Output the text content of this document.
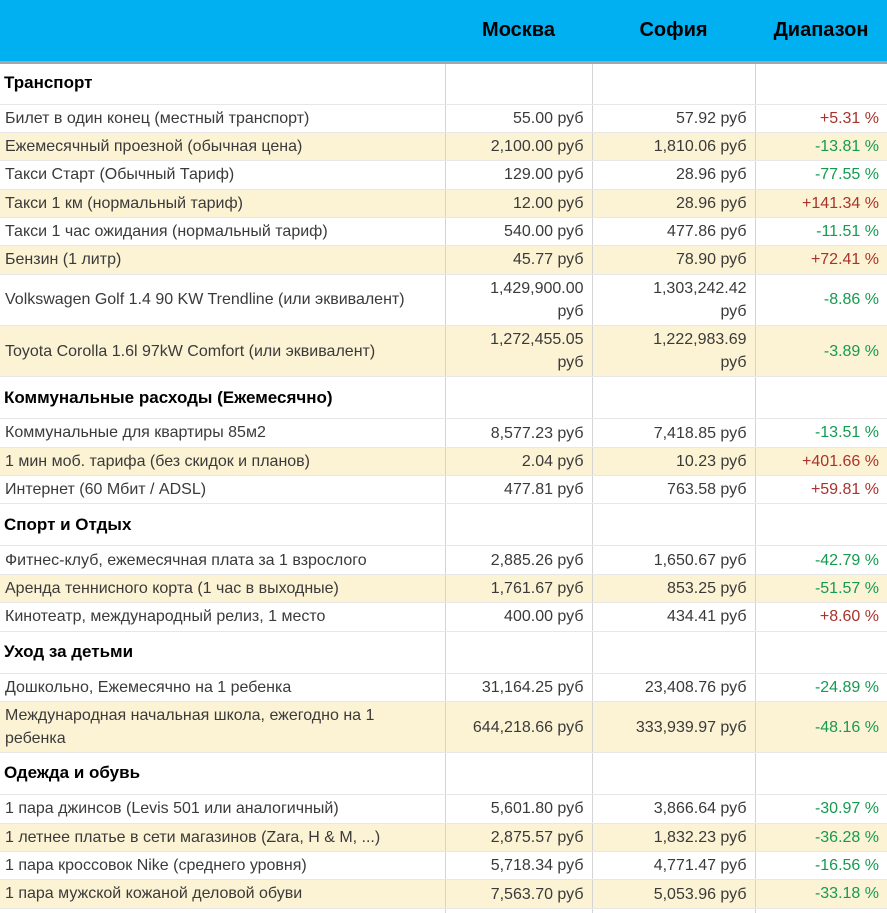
	Москва	София	Диапазон
Транспорт			
Билет в один конец (местный транспорт)	55.00 руб	57.92 руб	+5.31 %
Ежемесячный проезной (обычная цена)	2,100.00 руб	1,810.06 руб	-13.81 %
Такси Старт (Обычный Тариф)	129.00 руб	28.96 руб	-77.55 %
Такси 1 км (нормальный тариф)	12.00 руб	28.96 руб	+141.34 %
Такси 1 час ожидания (нормальный тариф)	540.00 руб	477.86 руб	-11.51 %
Бензин (1 литр)	45.77 руб	78.90 руб	+72.41 %
Volkswagen Golf 1.4 90 KW Trendline (или эквивалент)	1,429,900.00 руб	1,303,242.42 руб	-8.86 %
Toyota Corolla 1.6l 97kW Comfort (или эквивалент)	1,272,455.05 руб	1,222,983.69 руб	-3.89 %
Коммунальные расходы (Ежемесячно)			
Коммунальные для квартиры 85м2	8,577.23 руб	7,418.85 руб	-13.51 %
1 мин моб. тарифа (без скидок и планов)	2.04 руб	10.23 руб	+401.66 %
Интернет (60 Мбит / ADSL)	477.81 руб	763.58 руб	+59.81 %
Спорт и Отдых			
Фитнес-клуб, ежемесячная плата за 1 взрослого	2,885.26 руб	1,650.67 руб	-42.79 %
Аренда теннисного корта (1 час в выходные)	1,761.67 руб	853.25 руб	-51.57 %
Кинотеатр, международный релиз, 1 место	400.00 руб	434.41 руб	+8.60 %
Уход за детьми			
Дошкольно, Ежемесячно на 1 ребенка	31,164.25 руб	23,408.76 руб	-24.89 %
Международная начальная школа, ежегодно на 1 ребенка	644,218.66 руб	333,939.97 руб	-48.16 %
Одежда и обувь			
1 пара джинсов (Levis 501 или аналогичный)	5,601.80 руб	3,866.64 руб	-30.97 %
1 летнее платье в сети магазинов (Zara, H & M, ...)	2,875.57 руб	1,832.23 руб	-36.28 %
1 пара кроссовок Nike (среднего уровня)	5,718.34 руб	4,771.47 руб	-16.56 %
1 пара мужской кожаной деловой обуви	7,563.70 руб	5,053.96 руб	-33.18 %
